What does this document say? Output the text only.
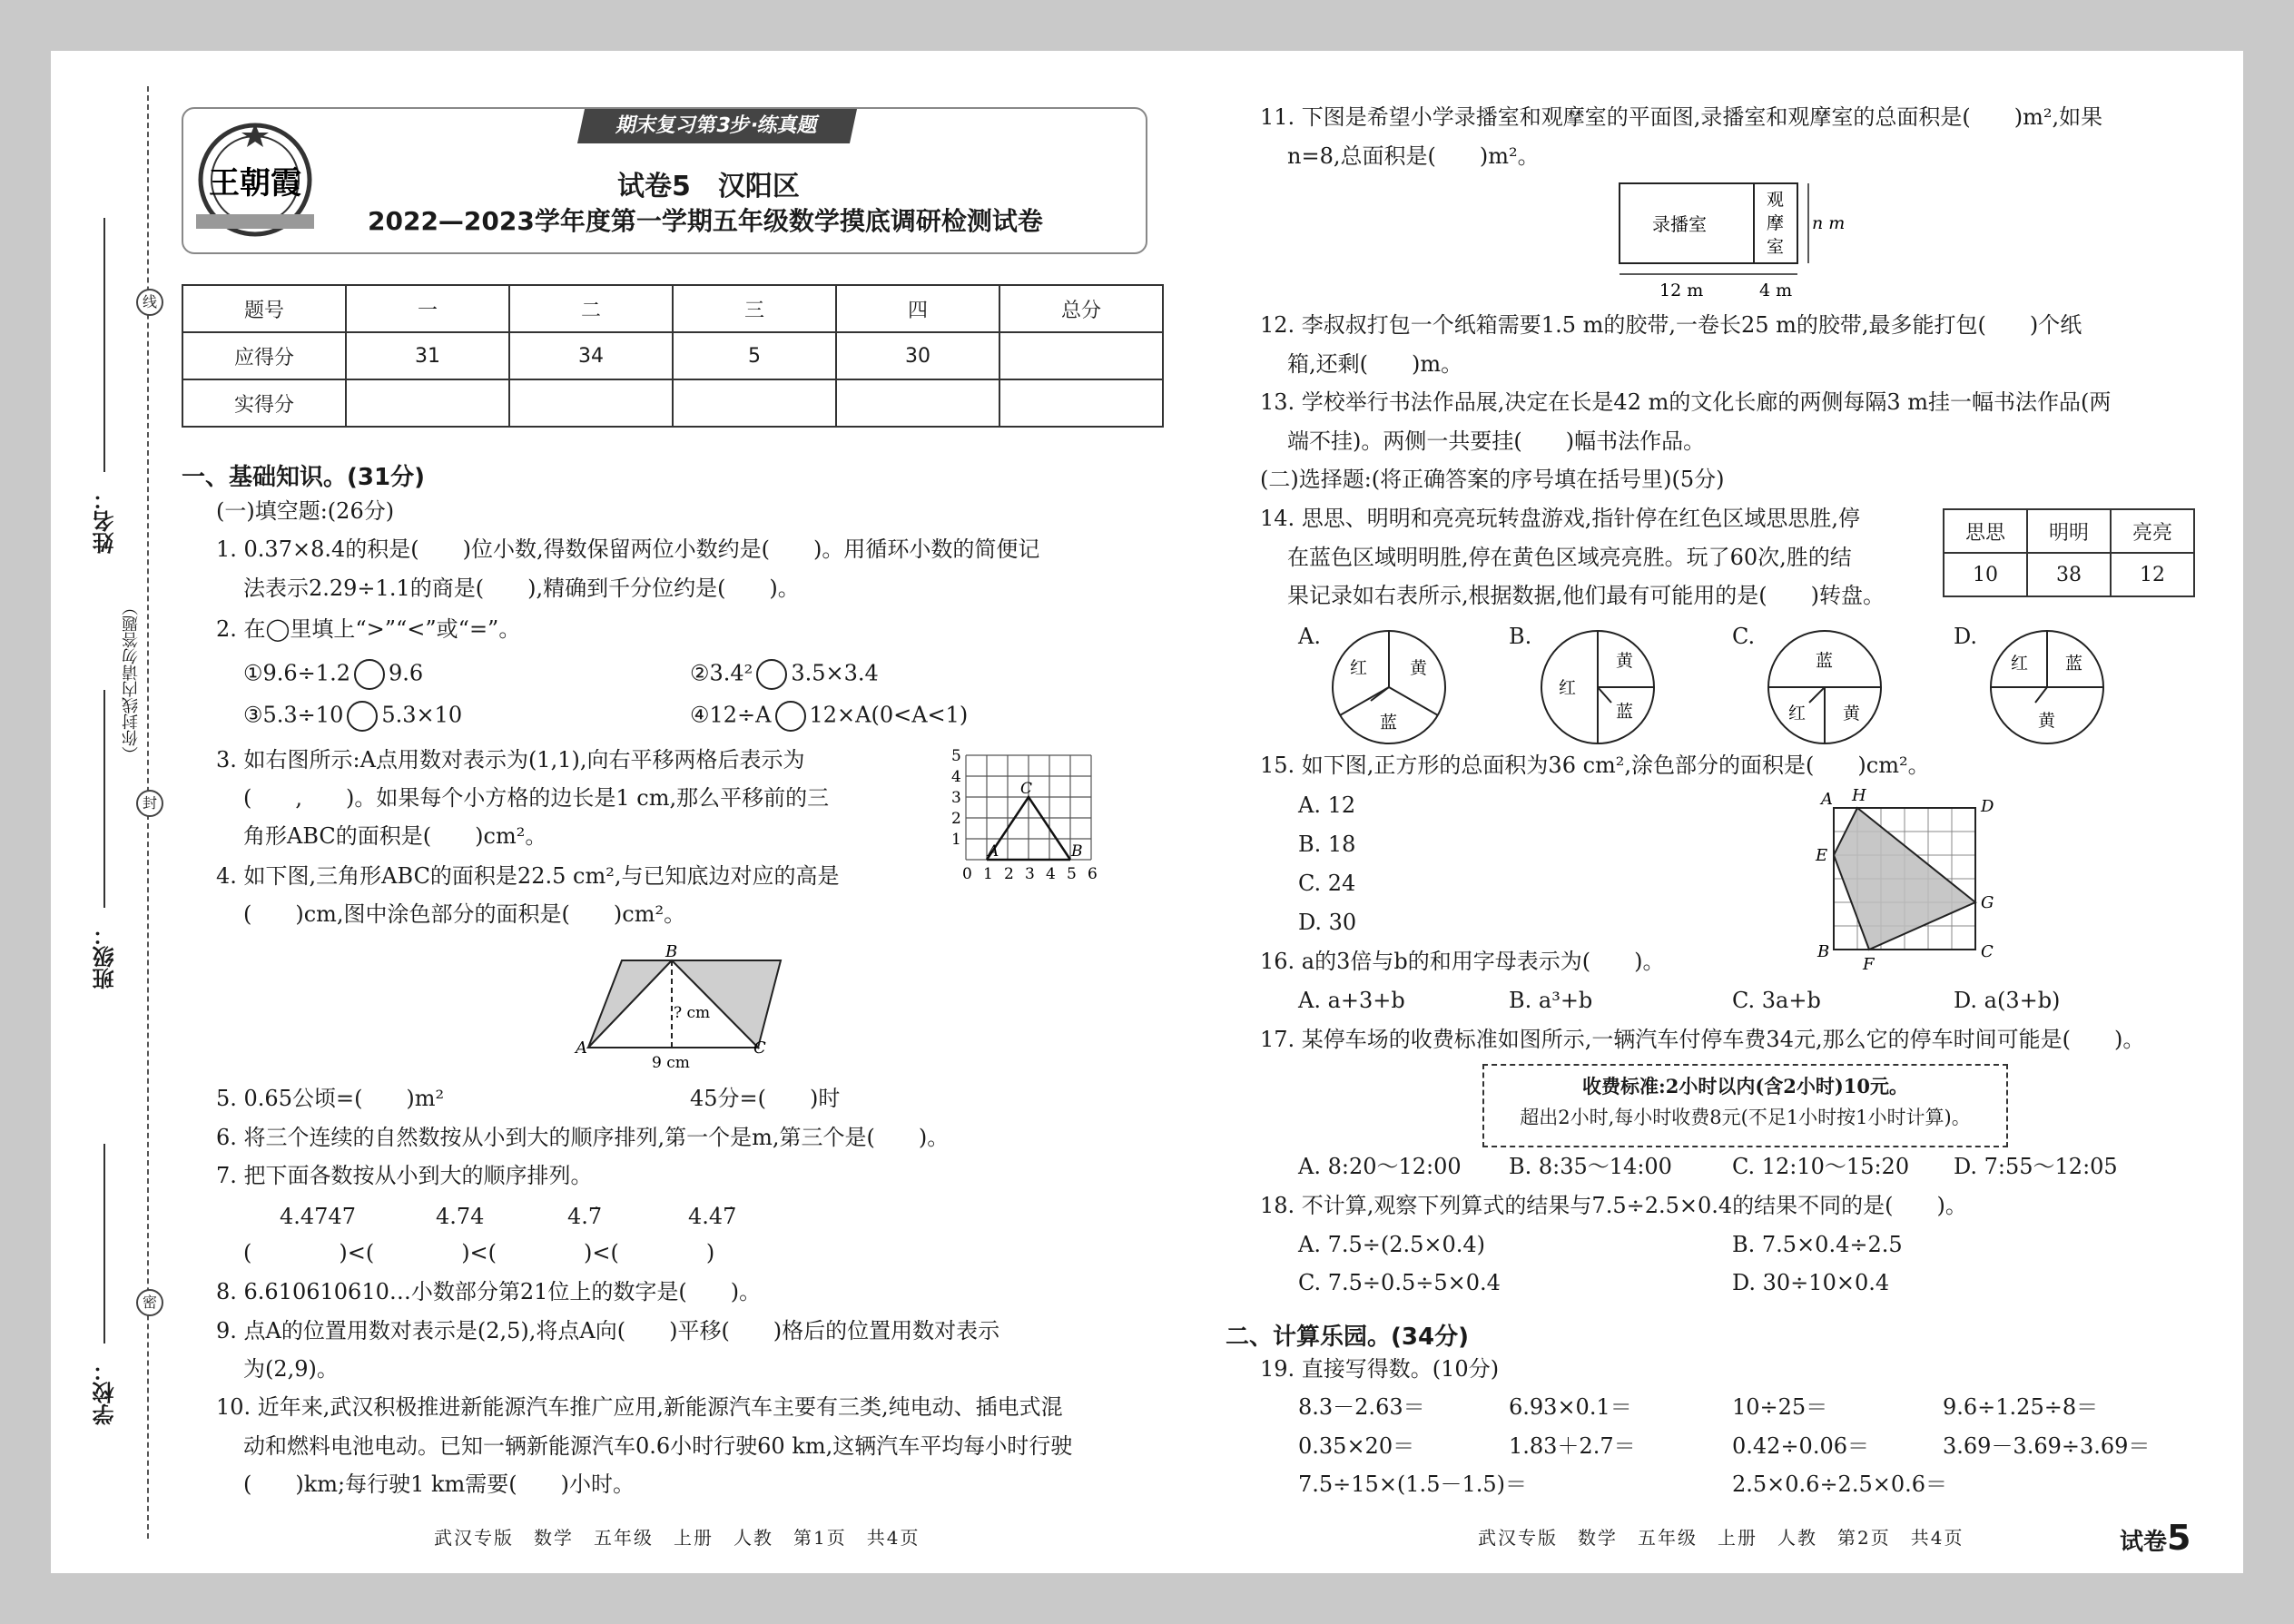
线
封
密
姓名：
班级：
学校：
（你封线内请勿答题）
王朝霞
期末复习第3步·练真题
试卷5　汉阳区
2022—2023学年度第一学期五年级数学摸底调研检测试卷
题号	一	二	三	四	总分
应得分	31	34	5	30	
实得分					
一、基础知识。(31分)
(一)填空题:(26分)
1. 0.37×8.4的积是(　　)位小数,得数保留两位小数约是(　　)。用循环小数的简便记
法表示2.29÷1.1的商是(　　),精确到千分位约是(　　)。
2. 在◯里填上“>”“<”或“=”。
①9.6÷1.2 9.6	②3.4² 3.5×3.4
③5.3÷10 5.3×10	④12÷A 12×A(0<A<1)
3. 如右图所示:A点用数对表示为(1,1),向右平移两格后表示为
(　　,　　)。如果每个小方格的边长是1 cm,那么平移前的三
角形ABC的面积是(　　)cm²。
A
C
B
0 1 2 3 4 5 6
1
2
3
4
5
4. 如下图,三角形ABC的面积是22.5 cm²,与已知底边对应的高是
(　　)cm,图中涂色部分的面积是(　　)cm²。
B
A	C
9 cm
? cm
5. 0.65公顷=(　　)m²	45分=(　　)时
6. 将三个连续的自然数按从小到大的顺序排列,第一个是m,第三个是(　　)。
7. 把下面各数按从小到大的顺序排列。
4.4747	4.74	4.7̇	4.4̇7̇
(　　　　)<(　　　　)<(　　　　)<(　　　　)
8. 6.610610610…小数部分第21位上的数字是(　　)。
9. 点A的位置用数对表示是(2,5),将点A向(　　)平移(　　)格后的位置用数对表示
为(2,9)。
10. 近年来,武汉积极推进新能源汽车推广应用,新能源汽车主要有三类,纯电动、插电式混
动和燃料电池电动。已知一辆新能源汽车0.6小时行驶60 km,这辆汽车平均每小时行驶
(　　)km;每行驶1 km需要(　　)小时。
武汉专版　数学　五年级　上册　人教　第1页　共4页
11. 下图是希望小学录播室和观摩室的平面图,录播室和观摩室的总面积是(　　)m²,如果
n=8,总面积是(　　)m²。
录播室
观
摩
室
12 m	4 m
n m
12. 李叔叔打包一个纸箱需要1.5 m的胶带,一卷长25 m的胶带,最多能打包(　　)个纸
箱,还剩(　　)m。
13. 学校举行书法作品展,决定在长是42 m的文化长廊的两侧每隔3 m挂一幅书法作品(两
端不挂)。两侧一共要挂(　　)幅书法作品。
(二)选择题:(将正确答案的序号填在括号里)(5分)
14. 思思、明明和亮亮玩转盘游戏,指针停在红色区域思思胜,停
在蓝色区域明明胜,停在黄色区域亮亮胜。玩了60次,胜的结
果记录如右表所示,根据数据,他们最有可能用的是(　　)转盘。
思思	明明	亮亮
10	38	12
A.
红 黄
蓝
B.
红
黄
蓝
C.
蓝
红 黄
D.
红 蓝
黄
15. 如下图,正方形的总面积为36 cm²,涂色部分的面积是(　　)cm²。
A. 12
B. 18
C. 24
D. 30
A H
D
E
G
B
F
C
16. a的3倍与b的和用字母表示为(　　)。
A. a+3+b	B. a³+b	C. 3a+b	D. a(3+b)
17. 某停车场的收费标准如图所示,一辆汽车付停车费34元,那么它的停车时间可能是(　　)。
收费标准:2小时以内(含2小时)10元。
超出2小时,每小时收费8元(不足1小时按1小时计算)。
A. 8:20～12:00 B. 8:35～14:00	C. 12:10～15:20 D. 7:55～12:05
18. 不计算,观察下列算式的结果与7.5÷2.5×0.4的结果不同的是(　　)。
A. 7.5÷(2.5×0.4)	B. 7.5×0.4÷2.5
C. 7.5÷0.5÷5×0.4	D. 30÷10×0.4
二、计算乐园。(34分)
19. 直接写得数。(10分)
8.3－2.63＝	6.93×0.1＝	10÷25＝	9.6÷1.25÷8＝
0.35×20＝	1.83＋2.7＝	0.42÷0.06＝	3.69－3.69÷3.69＝
7.5÷15×(1.5－1.5)＝	2.5×0.6÷2.5×0.6＝
武汉专版　数学　五年级　上册　人教　第2页　共4页	试卷5
